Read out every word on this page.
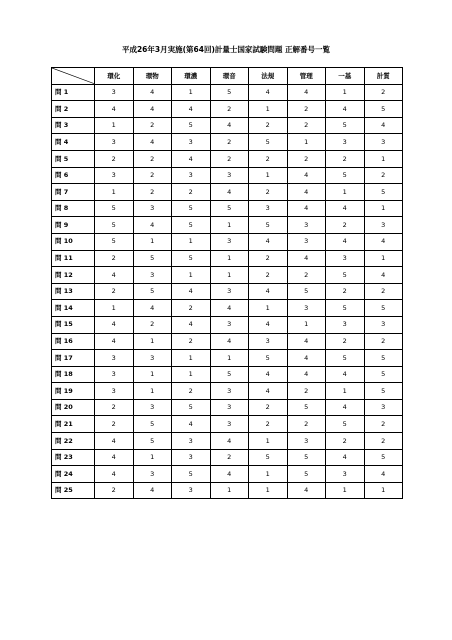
平成26年3月実施(第64回)計量士国家試験問題 正解番号一覧
	環化	環物	環濃	環音	法規	管理	一基	計質
問 1	3	4	1	5	4	4	1	2
問 2	4	4	4	2	1	2	4	5
問 3	1	2	5	4	2	2	5	4
問 4	3	4	3	2	5	1	3	3
問 5	2	2	4	2	2	2	2	1
問 6	3	2	3	3	1	4	5	2
問 7	1	2	2	4	2	4	1	5
問 8	5	3	5	5	3	4	4	1
問 9	5	4	5	1	5	3	2	3
問 10	5	1	1	3	4	3	4	4
問 11	2	5	5	1	2	4	3	1
問 12	4	3	1	1	2	2	5	4
問 13	2	5	4	3	4	5	2	2
問 14	1	4	2	4	1	3	5	5
問 15	4	2	4	3	4	1	3	3
問 16	4	1	2	4	3	4	2	2
問 17	3	3	1	1	5	4	5	5
問 18	3	1	1	5	4	4	4	5
問 19	3	1	2	3	4	2	1	5
問 20	2	3	5	3	2	5	4	3
問 21	2	5	4	3	2	2	5	2
問 22	4	5	3	4	1	3	2	2
問 23	4	1	3	2	5	5	4	5
問 24	4	3	5	4	1	5	3	4
問 25	2	4	3	1	1	4	1	1
